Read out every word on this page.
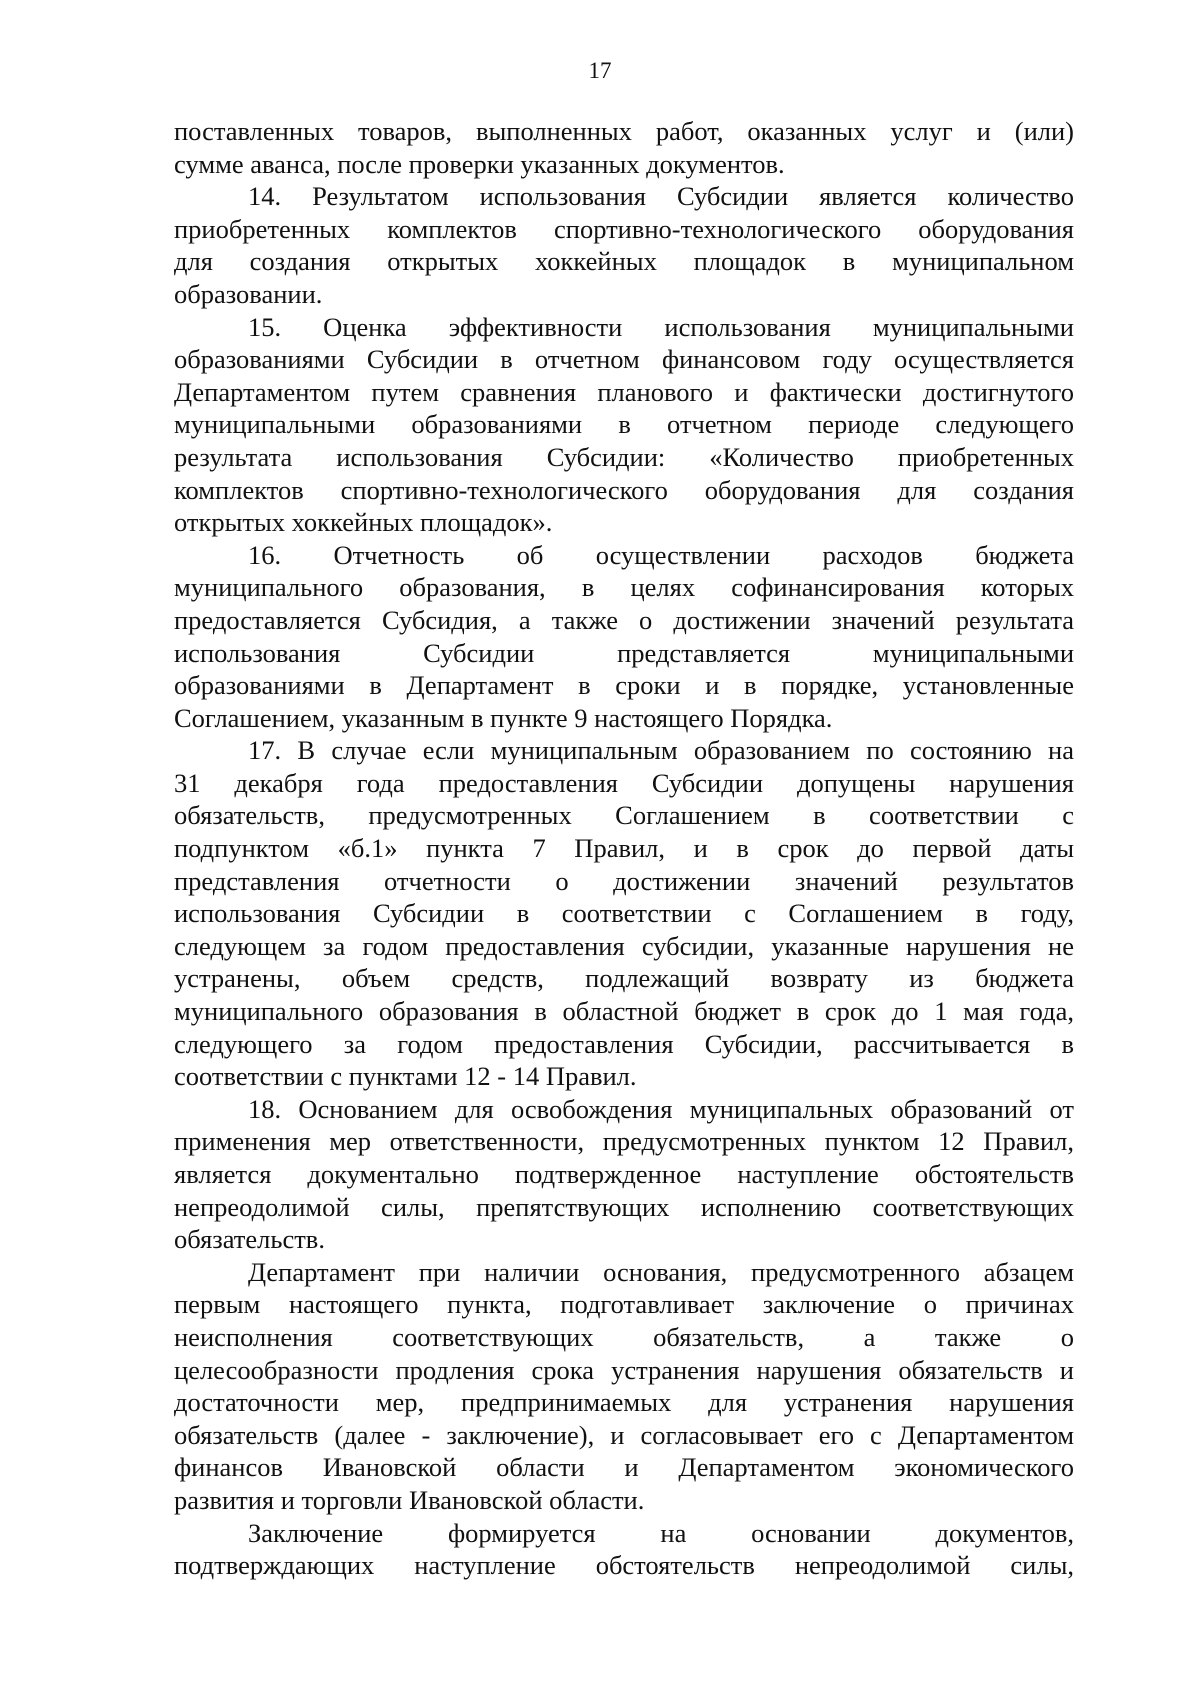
17

поставленных товаров, выполненных работ, оказанных услуг и (или)
сумме аванса, после проверки указанных документов.

14. Результатом использования Субсидии является количество
приобретенных комплектов спортивно-технологического оборудования
для создания открытых хоккейных площадок в муниципальном
образовании.

15. Оценка эффективности использования муниципальными
образованиями Субсидии в отчетном финансовом году осуществляется
Департаментом путем сравнения планового и фактически достигнутого
муниципальными образованиями в отчетном периоде следующего
результата использования Субсидии: «Количество приобретенных
комплектов спортивно-технологического оборудования для создания
открытых хоккейных площадок».

16. Отчетность об осуществлении расходов бюджета
муниципального образования, в целях софинансирования которых
предоставляется Субсидия, а также о достижении значений результата
использования Субсидии представляется муниципальными
образованиями в Департамент в сроки и в порядке, установленные
Соглашением, указанным в пункте 9 настоящего Порядка.

17. В случае если муниципальным образованием по состоянию на
31 декабря года предоставления Субсидии допущены нарушения
обязательств, предусмотренных Соглашением в соответствии с
подпунктом «б.1» пункта 7 Правил, и в срок до первой даты
представления отчетности о достижении значений результатов
использования Субсидии в соответствии с Соглашением в году,
следующем за годом предоставления субсидии, указанные нарушения не
устранены, объем средств, подлежащий возврату из бюджета
муниципального образования в областной бюджет в срок до 1 мая года,
следующего за годом предоставления Субсидии, рассчитывается в
соответствии с пунктами 12 - 14 Правил.

18. Основанием для освобождения муниципальных образований от
применения мер ответственности, предусмотренных пунктом 12 Правил,
является документально подтвержденное наступление обстоятельств
непреодолимой силы, препятствующих исполнению соответствующих
обязательств.

Департамент при наличии основания, предусмотренного абзацем
первым настоящего пункта, подготавливает заключение о причинах
неисполнения соответствующих обязательств, а также о
целесообразности продления срока устранения нарушения обязательств и
достаточности мер, предпринимаемых для устранения нарушения
обязательств (далее - заключение), и согласовывает его с Департаментом
финансов Ивановской области и Департаментом экономического
развития и торговли Ивановской области.

Заключение формируется на основании документов,
подтверждающих наступление обстоятельств непреодолимой силы,
